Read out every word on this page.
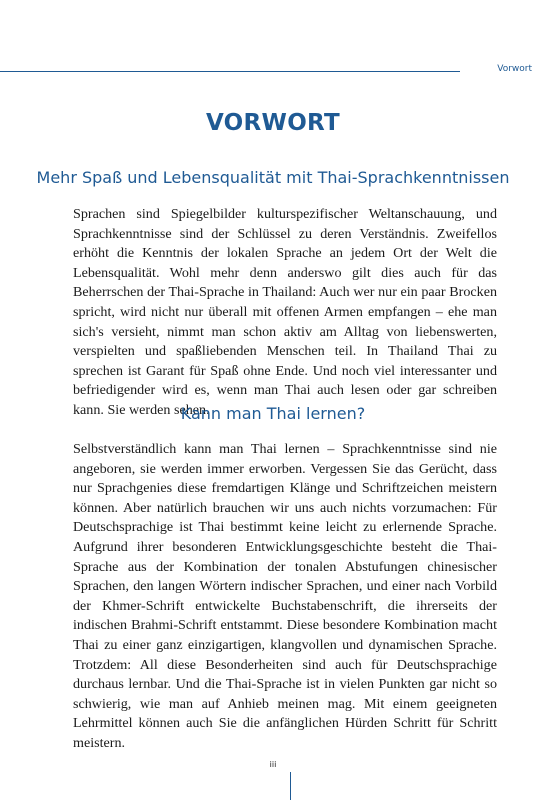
Vorwort
VORWORT
Mehr Spaß und Lebensqualität mit Thai-Sprachkenntnissen

Sprachen sind Spiegelbilder kulturspezifischer Weltanschauung, und Sprachkenntnisse sind der Schlüssel zu deren Verständnis. Zweifellos erhöht die Kenntnis der lokalen Sprache an jedem Ort der Welt die Lebensqualität. Wohl mehr denn anderswo gilt dies auch für das Beherrschen der Thai-Sprache in Thailand: Auch wer nur ein paar Brocken spricht, wird nicht nur überall mit offenen Armen empfangen – ehe man sich's versieht, nimmt man schon aktiv am Alltag von liebenswerten, verspielten und spaßliebenden Menschen teil. In Thailand Thai zu sprechen ist Garant für Spaß ohne Ende. Und noch viel interessanter und befriedigender wird es, wenn man Thai auch lesen oder gar schreiben kann. Sie werden sehen.

Kann man Thai lernen?

Selbstverständlich kann man Thai lernen – Sprachkenntnisse sind nie angeboren, sie werden immer erworben. Vergessen Sie das Gerücht, dass nur Sprachgenies diese fremdartigen Klänge und Schriftzeichen meistern können. Aber natürlich brauchen wir uns auch nichts vorzumachen: Für Deutschsprachige ist Thai bestimmt keine leicht zu erlernende Sprache. Aufgrund ihrer besonderen Entwicklungsgeschichte besteht die Thai-Sprache aus der Kombination der tonalen Abstufungen chinesischer Sprachen, den langen Wörtern indischer Sprachen, und einer nach Vorbild der Khmer-Schrift entwickelte Buchstabenschrift, die ihrerseits der indischen Brahmi-Schrift entstammt. Diese besondere Kombination macht Thai zu einer ganz einzigartigen, klangvollen und dynamischen Sprache. Trotzdem: All diese Besonderheiten sind auch für Deutschsprachige durchaus lernbar. Und die Thai-Sprache ist in vielen Punkten gar nicht so schwierig, wie man auf Anhieb meinen mag. Mit einem geeigneten Lehrmittel können auch Sie die anfänglichen Hürden Schritt für Schritt meistern.

iii
